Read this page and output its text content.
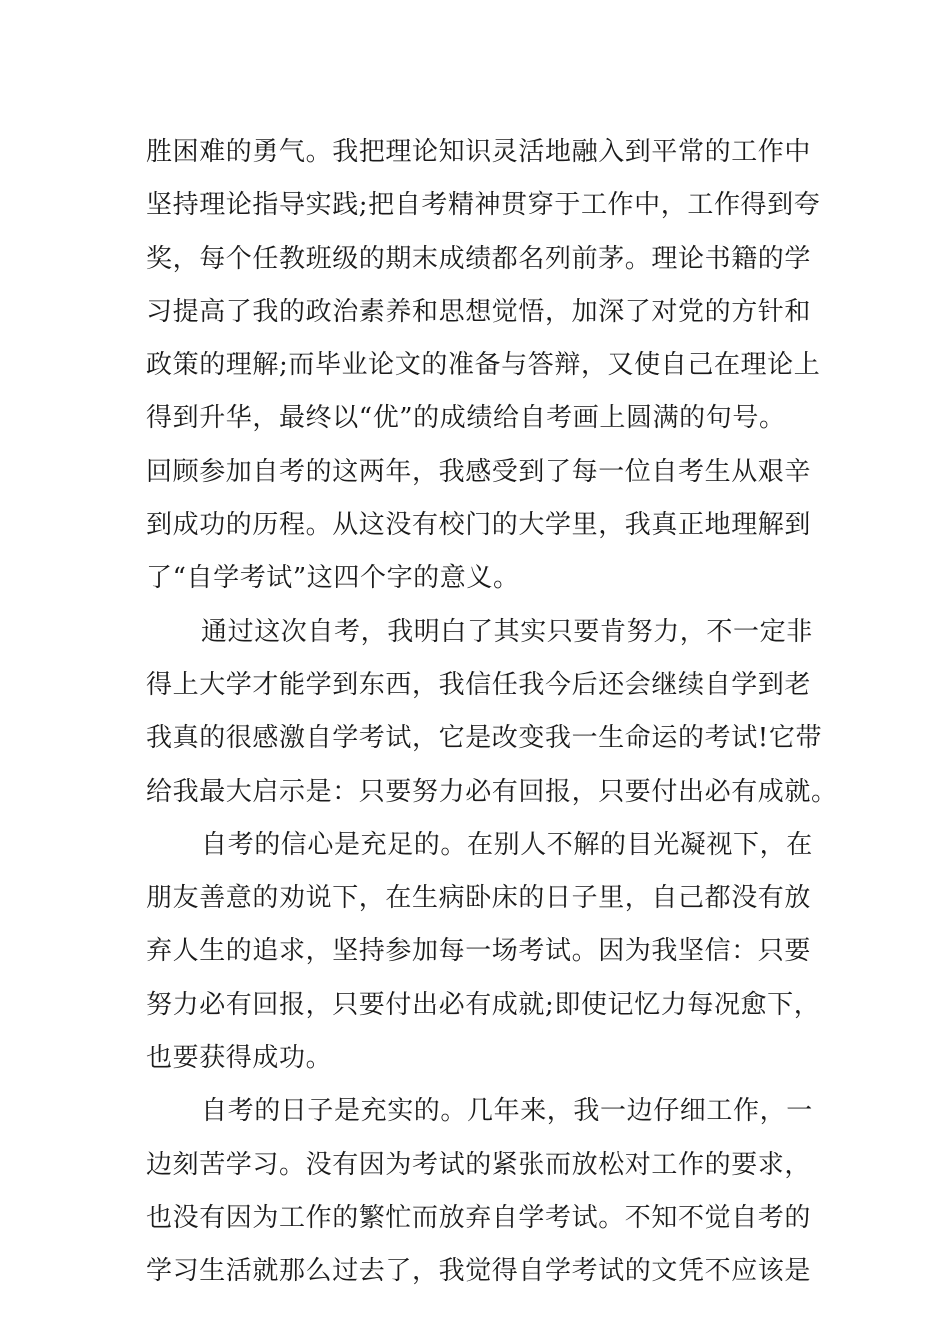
胜困难的勇气。我把理论知识灵活地融入到平常的工作中
坚持理论指导实践;把自考精神贯穿于工作中，工作得到夸
奖，每个任教班级的期末成绩都名列前茅。理论书籍的学
习提高了我的政治素养和思想觉悟，加深了对党的方针和
政策的理解;而毕业论文的准备与答辩，又使自己在理论上
得到升华，最终以“优”的成绩给自考画上圆满的句号。
回顾参加自考的这两年，我感受到了每一位自考生从艰辛
到成功的历程。从这没有校门的大学里，我真正地理解到
了“自学考试”这四个字的意义。
通过这次自考，我明白了其实只要肯努力，不一定非
得上大学才能学到东西，我信任我今后还会继续自学到老
我真的很感激自学考试，它是改变我一生命运的考试!它带
给我最大启示是：只要努力必有回报，只要付出必有成就。
自考的信心是充足的。在别人不解的目光凝视下，在
朋友善意的劝说下，在生病卧床的日子里，自己都没有放
弃人生的追求，坚持参加每一场考试。因为我坚信：只要
努力必有回报，只要付出必有成就;即使记忆力每况愈下，
也要获得成功。
自考的日子是充实的。几年来，我一边仔细工作，一
边刻苦学习。没有因为考试的紧张而放松对工作的要求，
也没有因为工作的繁忙而放弃自学考试。不知不觉自考的
学习生活就那么过去了，我觉得自学考试的文凭不应该是
